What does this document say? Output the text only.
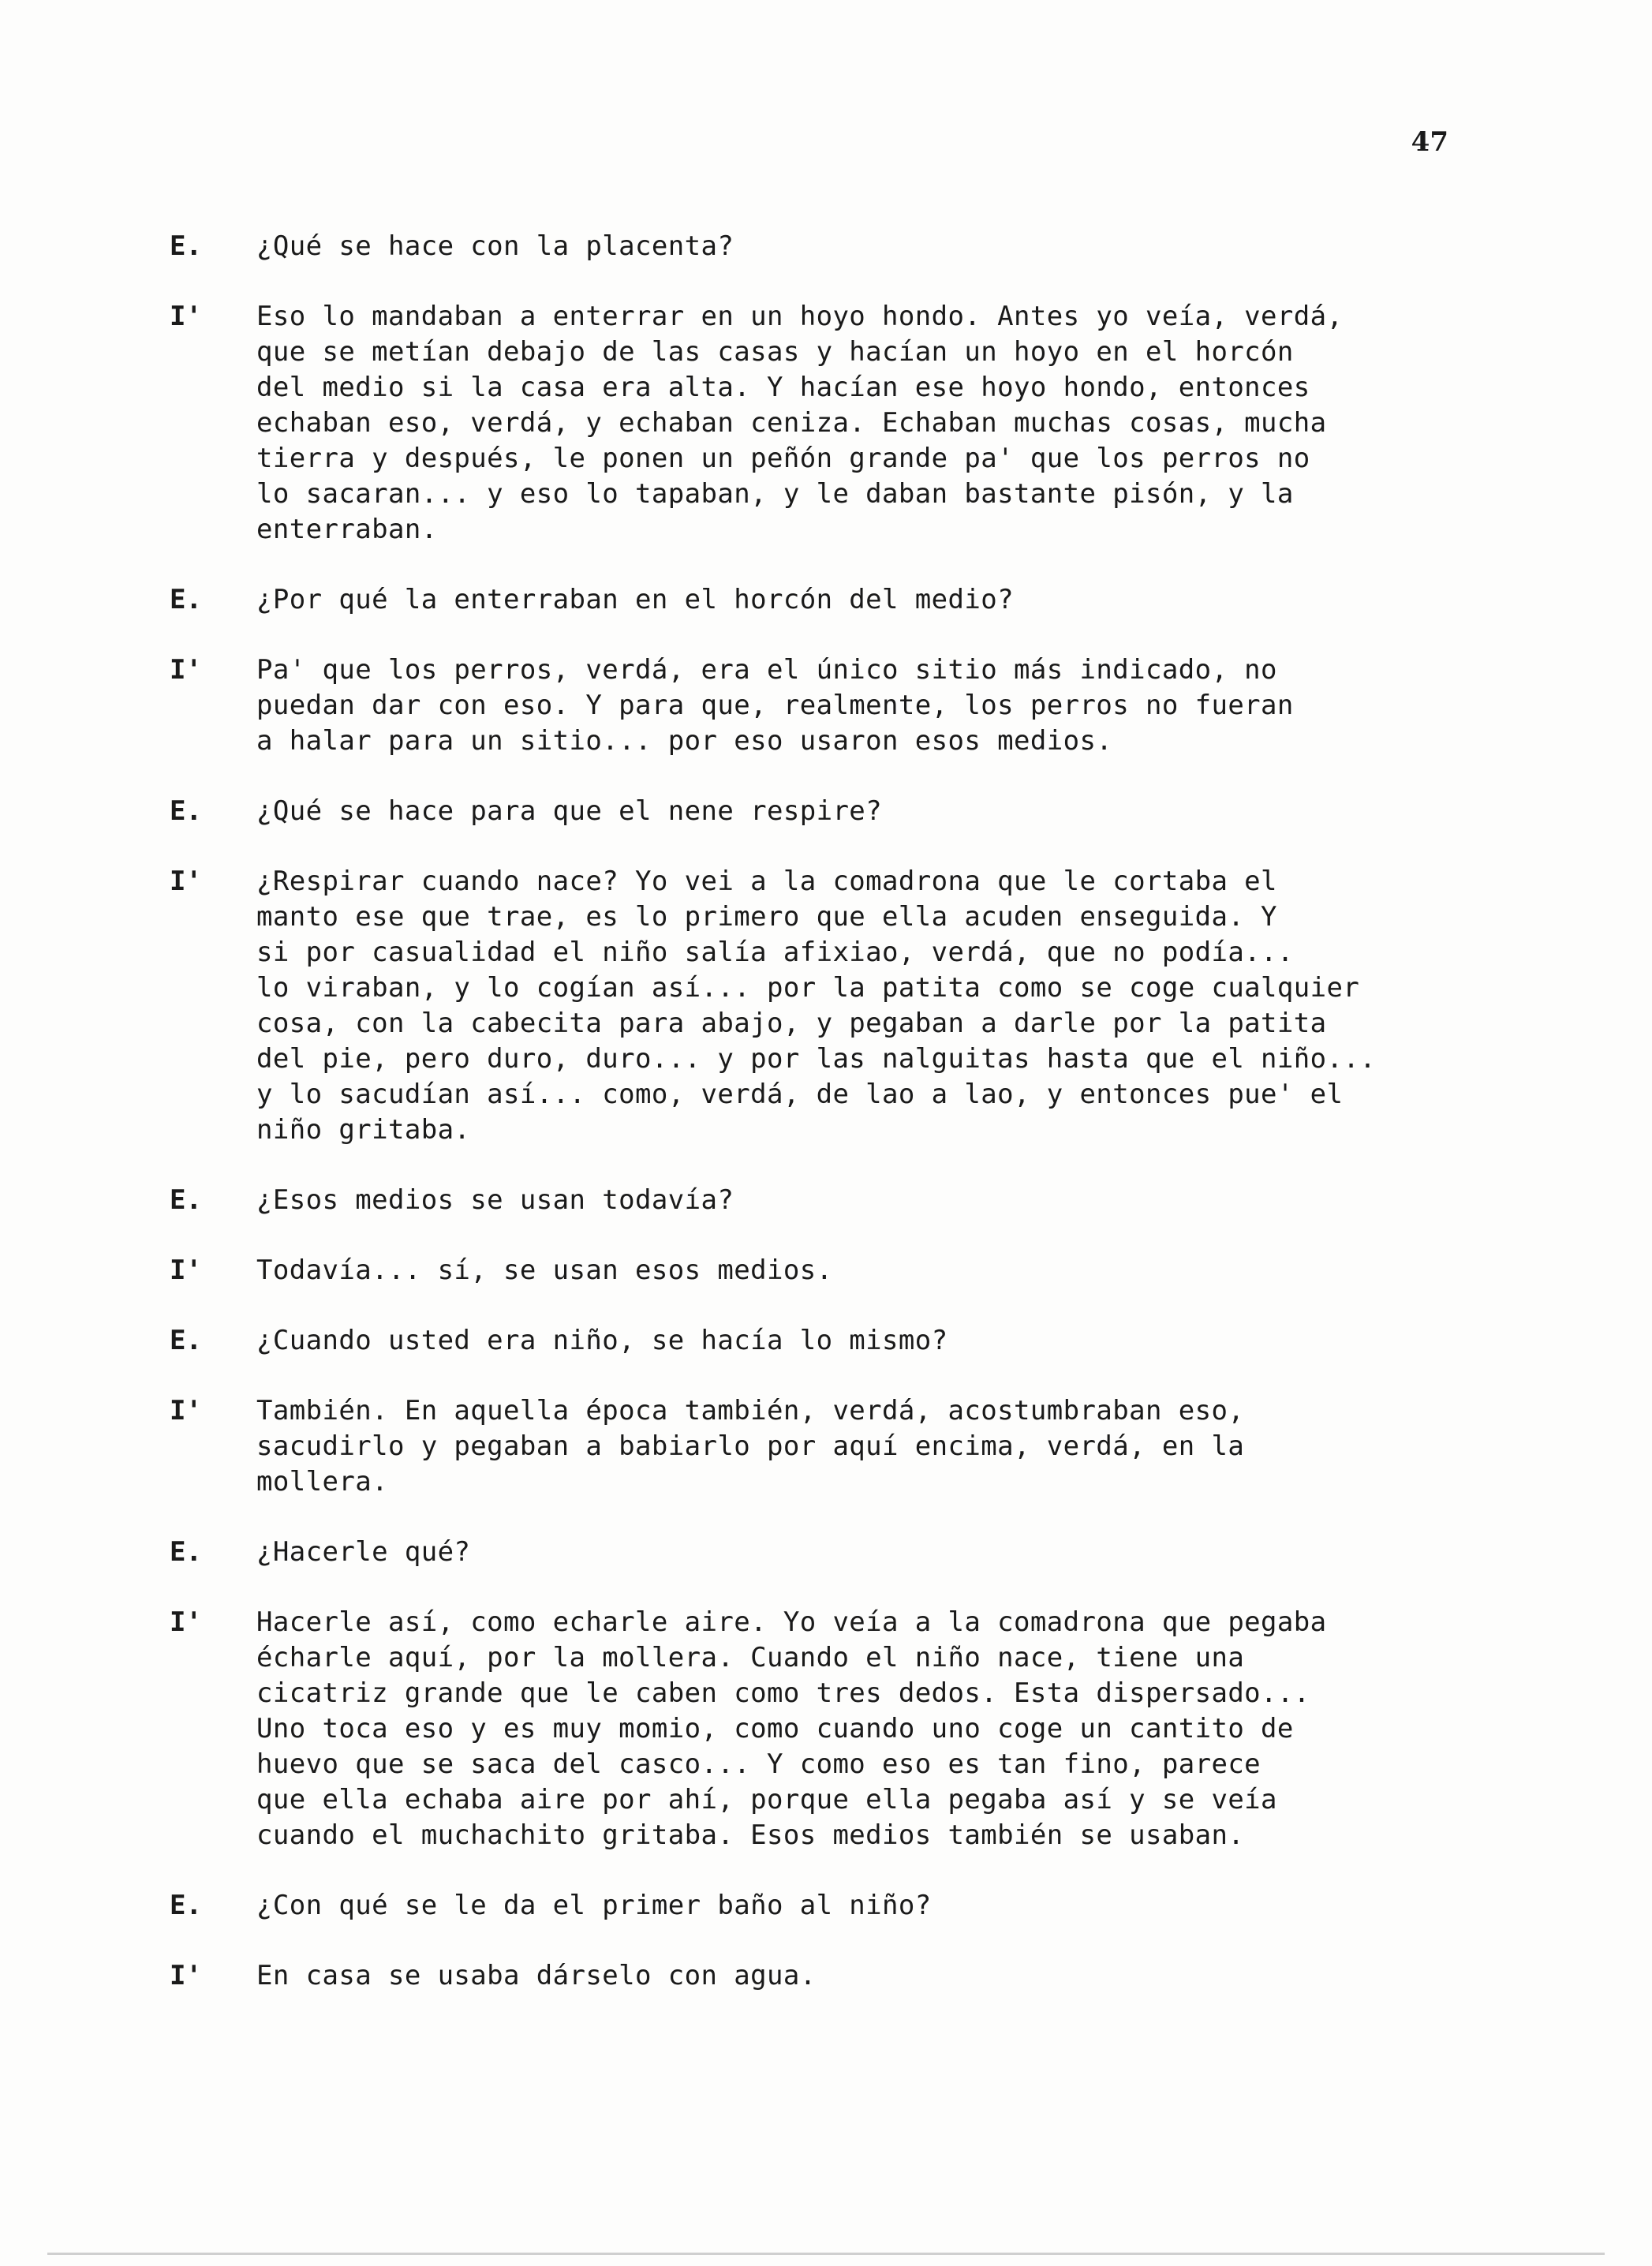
47
E.	¿Qué se hace con la placenta?
I'	Eso lo mandaban a enterrar en un hoyo hondo. Antes yo veía, verdá,
que se metían debajo de las casas y hacían un hoyo en el horcón
del medio si la casa era alta. Y hacían ese hoyo hondo, entonces
echaban eso, verdá, y echaban ceniza. Echaban muchas cosas, mucha
tierra y después, le ponen un peñón grande pa' que los perros no
lo sacaran... y eso lo tapaban, y le daban bastante pisón, y la
enterraban.
E.	¿Por qué la enterraban en el horcón del medio?
I'	Pa' que los perros, verdá, era el único sitio más indicado, no
puedan dar con eso. Y para que, realmente, los perros no fueran
a halar para un sitio... por eso usaron esos medios.
E.	¿Qué se hace para que el nene respire?
I'	¿Respirar cuando nace? Yo vei a la comadrona que le cortaba el
manto ese que trae, es lo primero que ella acuden enseguida. Y
si por casualidad el niño salía afixiao, verdá, que no podía...
lo viraban, y lo cogían así... por la patita como se coge cualquier
cosa, con la cabecita para abajo, y pegaban a darle por la patita
del pie, pero duro, duro... y por las nalguitas hasta que el niño...
y lo sacudían así... como, verdá, de lao a lao, y entonces pue' el
niño gritaba.
E.	¿Esos medios se usan todavía?
I'	Todavía... sí, se usan esos medios.
E.	¿Cuando usted era niño, se hacía lo mismo?
I'	También. En aquella época también, verdá, acostumbraban eso,
sacudirlo y pegaban a babiarlo por aquí encima, verdá, en la
mollera.
E.	¿Hacerle qué?
I'	Hacerle así, como echarle aire. Yo veía a la comadrona que pegaba
écharle aquí, por la mollera. Cuando el niño nace, tiene una
cicatriz grande que le caben como tres dedos. Esta dispersado...
Uno toca eso y es muy momio, como cuando uno coge un cantito de
huevo que se saca del casco... Y como eso es tan fino, parece
que ella echaba aire por ahí, porque ella pegaba así y se veía
cuando el muchachito gritaba. Esos medios también se usaban.
E.	¿Con qué se le da el primer baño al niño?
I'	En casa se usaba dárselo con agua.
